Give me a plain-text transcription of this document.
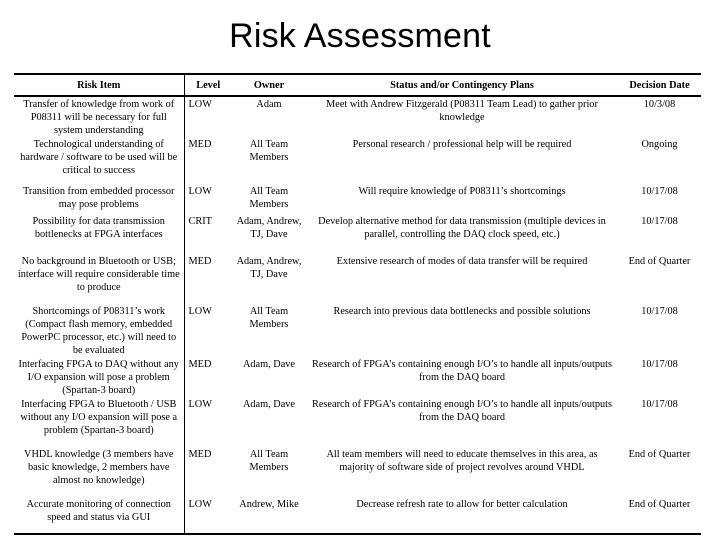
Risk Assessment
Risk Item	Level	Owner	Status and/or Contingency Plans	Decision Date
Transfer of knowledge from work of P08311 will be necessary for full system understanding	LOW	Adam	Meet with Andrew Fitzgerald (P08311 Team Lead) to gather prior knowledge	10/3/08
Technological understanding of hardware / software to be used will be critical to success	MED	All Team Members	Personal research / professional help will be required	Ongoing
Transition from embedded processor may pose problems	LOW	All Team Members	Will require knowledge of P08311’s shortcomings	10/17/08
Possibility for data transmission bottlenecks at FPGA interfaces	CRIT	Adam, Andrew, TJ, Dave	Develop alternative method for data transmission (multiple devices in parallel, controlling the DAQ clock speed, etc.)	10/17/08
No background in Bluetooth or USB; interface will require considerable time to produce	MED	Adam, Andrew, TJ, Dave	Extensive research of modes of data transfer will be required	End of Quarter
Shortcomings of P08311’s work (Compact flash memory, embedded PowerPC processor, etc.) will need to be evaluated	LOW	All Team Members	Research into previous data bottlenecks and possible solutions	10/17/08
Interfacing FPGA to DAQ without any I/O expansion will pose a problem (Spartan-3 board)	MED	Adam, Dave	Research of FPGA’s containing enough I/O’s to handle all inputs/outputs from the DAQ board	10/17/08
Interfacing FPGA to Bluetooth / USB without any I/O expansion will pose a problem (Spartan-3 board)	LOW	Adam, Dave	Research of FPGA’s containing enough I/O’s to handle all inputs/outputs from the DAQ board	10/17/08
VHDL knowledge (3 members have basic knowledge, 2 members have almost no knowledge)	MED	All Team Members	All team members will need to educate themselves in this area, as majority of software side of project revolves around VHDL	End of Quarter
Accurate monitoring of connection speed and status via GUI	LOW	Andrew, Mike	Decrease refresh rate to allow for better calculation	End of Quarter
